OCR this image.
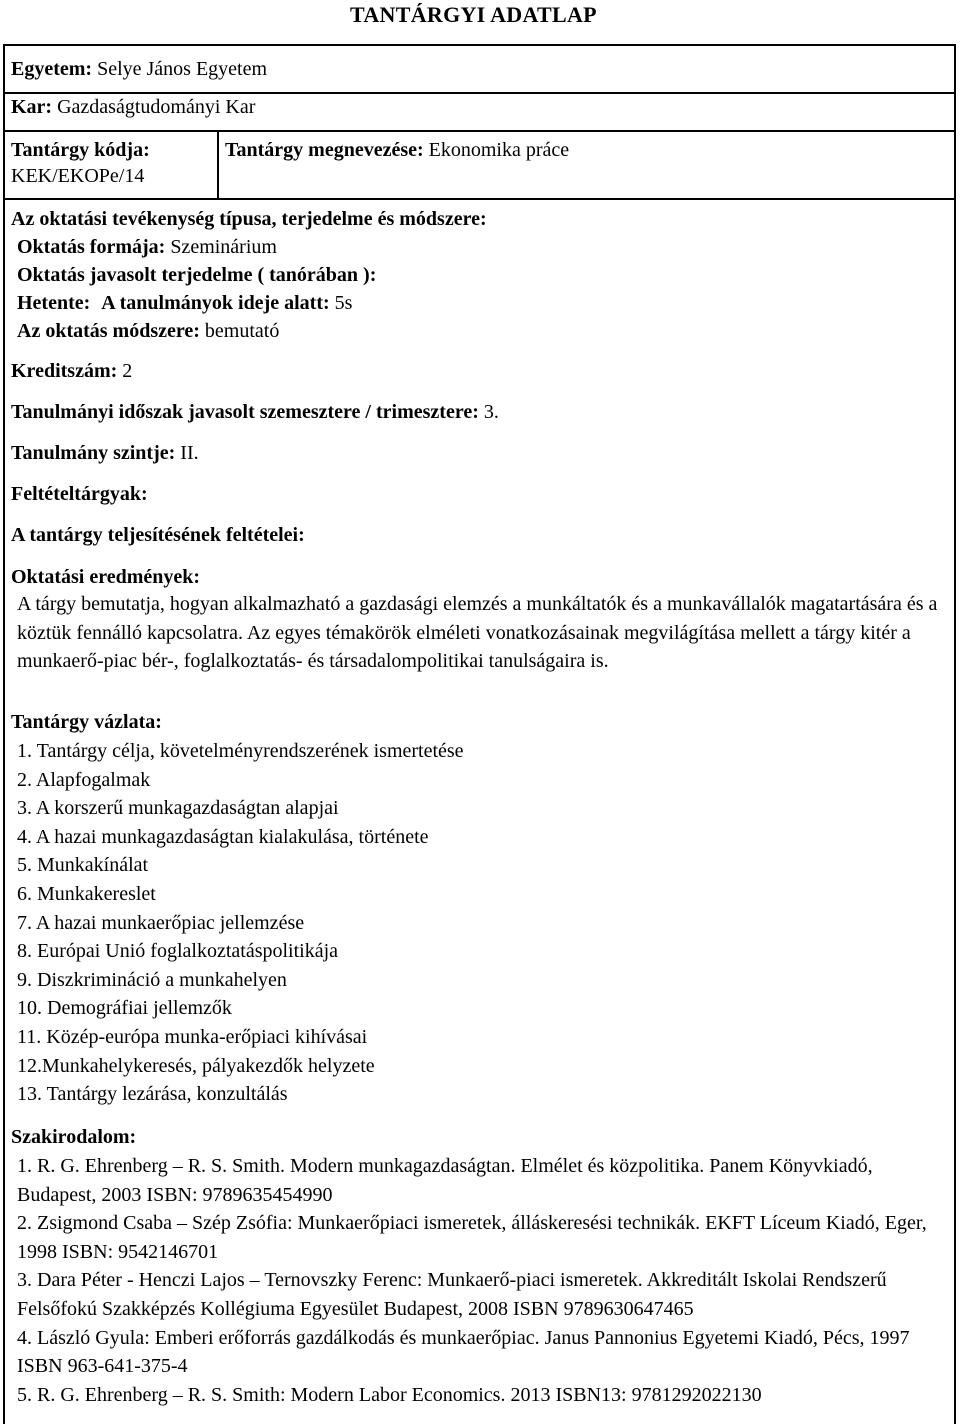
TANTÁRGYI ADATLAP
Egyetem: Selye János Egyetem
Kar: Gazdaságtudományi Kar
Tantárgy kódja:
KEK/EKOPe/14
Tantárgy megnevezése: Ekonomika práce
Az oktatási tevékenység típusa, terjedelme és módszere:
Oktatás formája: Szeminárium
Oktatás javasolt terjedelme ( tanórában ):
Hetente: A tanulmányok ideje alatt: 5s
Az oktatás módszere: bemutató
Kreditszám: 2
Tanulmányi időszak javasolt szemesztere / trimesztere: 3.
Tanulmány szintje: II.
Feltételtárgyak:
A tantárgy teljesítésének feltételei:
Oktatási eredmények:
A tárgy bemutatja, hogyan alkalmazható a gazdasági elemzés a munkáltatók és a munkavállalók magatartására és a köztük fennálló kapcsolatra. Az egyes témakörök elméleti vonatkozásainak megvilágítása mellett a tárgy kitér a munkaerő-piac bér-, foglalkoztatás- és társadalompolitikai tanulságaira is.
Tantárgy vázlata:
1. Tantárgy célja, követelményrendszerének ismertetése
2. Alapfogalmak
3. A korszerű munkagazdaságtan alapjai
4. A hazai munkagazdaságtan kialakulása, története
5. Munkakínálat
6. Munkakereslet
7. A hazai munkaerőpiac jellemzése
8. Európai Unió foglalkoztatáspolitikája
9. Diszkrimináció a munkahelyen
10. Demográfiai jellemzők
11. Közép-európa munka-erőpiaci kihívásai
12.Munkahelykeresés, pályakezdők helyzete
13. Tantárgy lezárása, konzultálás
Szakirodalom:
1. R. G. Ehrenberg – R. S. Smith. Modern munkagazdaságtan. Elmélet és közpolitika. Panem Könyvkiadó, Budapest, 2003 ISBN: 9789635454990
2. Zsigmond Csaba – Szép Zsófia: Munkaerőpiaci ismeretek, álláskeresési technikák. EKFT Líceum Kiadó, Eger, 1998 ISBN: 9542146701
3. Dara Péter - Henczi Lajos – Ternovszky Ferenc: Munkaerő-piaci ismeretek. Akkreditált Iskolai Rendszerű Felsőfokú Szakképzés Kollégiuma Egyesület Budapest, 2008 ISBN 9789630647465
4. László Gyula: Emberi erőforrás gazdálkodás és munkaerőpiac. Janus Pannonius Egyetemi Kiadó, Pécs, 1997 ISBN 963-641-375-4
5. R. G. Ehrenberg – R. S. Smith: Modern Labor Economics. 2013 ISBN13: 9781292022130
